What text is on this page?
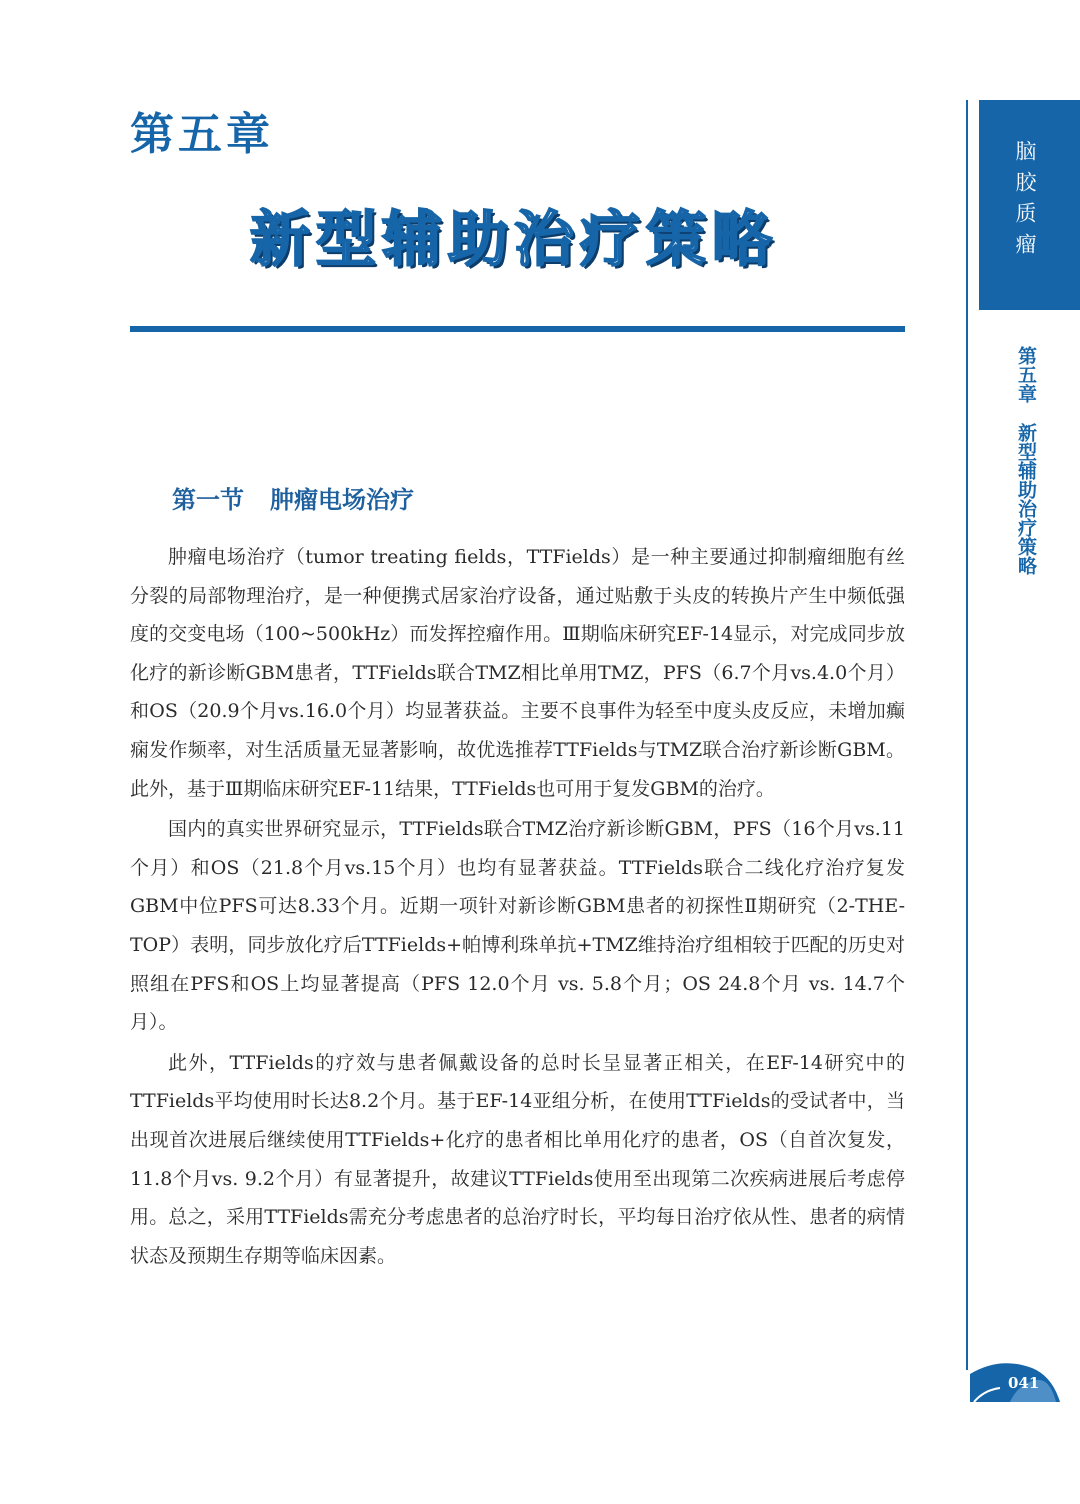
第五章
新型辅助治疗策略
第一节 肿瘤电场治疗

肿瘤电场治疗（tumor treating fields，TTFields）是一种主要通过抑制瘤细胞有丝分裂的局部物理治疗，是一种便携式居家治疗设备，通过贴敷于头皮的转换片产生中频低强度的交变电场（100~500kHz）而发挥控瘤作用。Ⅲ期临床研究EF-14显示，对完成同步放化疗的新诊断GBM患者，TTFields联合TMZ相比单用TMZ，PFS（6.7个月vs.4.0个月）和OS（20.9个月vs.16.0个月）均显著获益。主要不良事件为轻至中度头皮反应，未增加癫痫发作频率，对生活质量无显著影响，故优选推荐TTFields与TMZ联合治疗新诊断GBM。此外，基于Ⅲ期临床研究EF-11结果，TTFields也可用于复发GBM的治疗。

国内的真实世界研究显示，TTFields联合TMZ治疗新诊断GBM，PFS（16个月vs.11个月）和OS（21.8个月vs.15个月）也均有显著获益。TTFields联合二线化疗治疗复发GBM中位PFS可达8.33个月。近期一项针对新诊断GBM患者的初探性Ⅱ期研究（2-THE-TOP）表明，同步放化疗后TTFields+帕博利珠单抗+TMZ维持治疗组相较于匹配的历史对照组在PFS和OS上均显著提高（PFS 12.0个月 vs. 5.8个月；OS 24.8个月 vs. 14.7个月）。

此外，TTFields的疗效与患者佩戴设备的总时长呈显著正相关，在EF-14研究中的TTFields平均使用时长达8.2个月。基于EF-14亚组分析，在使用TTFields的受试者中，当出现首次进展后继续使用TTFields+化疗的患者相比单用化疗的患者，OS（自首次复发，11.8个月vs. 9.2个月）有显著提升，故建议TTFields使用至出现第二次疾病进展后考虑停用。总之，采用TTFields需充分考虑患者的总治疗时长，平均每日治疗依从性、患者的病情状态及预期生存期等临床因素。

脑胶质瘤
第五章新型辅助治疗策略
041
